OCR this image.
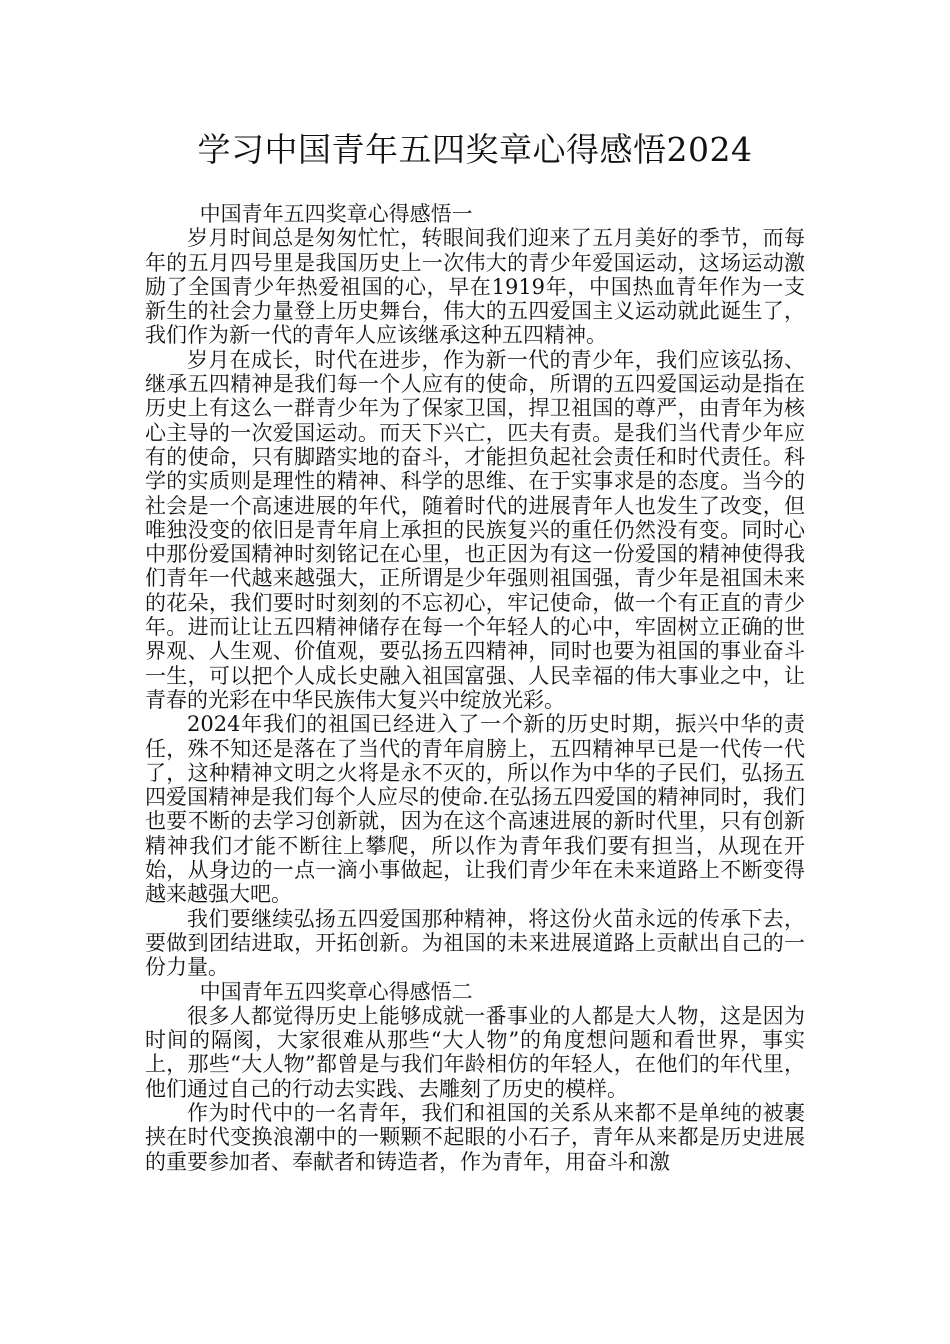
学习中国青年五四奖章心得感悟2024

中国青年五四奖章心得感悟一

岁月时间总是匆匆忙忙，转眼间我们迎来了五月美好的季节，而每年的五月四号里是我国历史上一次伟大的青少年爱国运动，这场运动激励了全国青少年热爱祖国的心，早在1919年，中国热血青年作为一支新生的社会力量登上历史舞台，伟大的五四爱国主义运动就此诞生了，我们作为新一代的青年人应该继承这种五四精神。

岁月在成长，时代在进步，作为新一代的青少年，我们应该弘扬、继承五四精神是我们每一个人应有的使命，所谓的五四爱国运动是指在历史上有这么一群青少年为了保家卫国，捍卫祖国的尊严，由青年为核心主导的一次爱国运动。而天下兴亡，匹夫有责。是我们当代青少年应有的使命，只有脚踏实地的奋斗，才能担负起社会责任和时代责任。科学的实质则是理性的精神、科学的思维、在于实事求是的态度。当今的社会是一个高速进展的年代，随着时代的进展青年人也发生了改变，但唯独没变的依旧是青年肩上承担的民族复兴的重任仍然没有变。同时心中那份爱国精神时刻铭记在心里，也正因为有这一份爱国的精神使得我们青年一代越来越强大，正所谓是少年强则祖国强，青少年是祖国未来的花朵，我们要时时刻刻的不忘初心，牢记使命，做一个有正直的青少年。进而让让五四精神储存在每一个年轻人的心中，牢固树立正确的世界观、人生观、价值观，要弘扬五四精神，同时也要为祖国的事业奋斗一生，可以把个人成长史融入祖国富强、人民幸福的伟大事业之中，让青春的光彩在中华民族伟大复兴中绽放光彩。

2024年我们的祖国已经进入了一个新的历史时期，振兴中华的责任，殊不知还是落在了当代的青年肩膀上，五四精神早已是一代传一代了，这种精神文明之火将是永不灭的，所以作为中华的子民们，弘扬五四爱国精神是我们每个人应尽的使命.在弘扬五四爱国的精神同时，我们也要不断的去学习创新就，因为在这个高速进展的新时代里，只有创新精神我们才能不断往上攀爬，所以作为青年我们要有担当，从现在开始，从身边的一点一滴小事做起，让我们青少年在未来道路上不断变得越来越强大吧。

我们要继续弘扬五四爱国那种精神，将这份火苗永远的传承下去，要做到团结进取，开拓创新。为祖国的未来进展道路上贡献出自己的一份力量。

中国青年五四奖章心得感悟二

很多人都觉得历史上能够成就一番事业的人都是大人物，这是因为时间的隔阂，大家很难从那些“大人物”的角度想问题和看世界，事实上，那些“大人物”都曾是与我们年龄相仿的年轻人，在他们的年代里，他们通过自己的行动去实践、去雕刻了历史的模样。

作为时代中的一名青年，我们和祖国的关系从来都不是单纯的被裹挟在时代变换浪潮中的一颗颗不起眼的小石子，青年从来都是历史进展的重要参加者、奉献者和铸造者，作为青年，用奋斗和激
